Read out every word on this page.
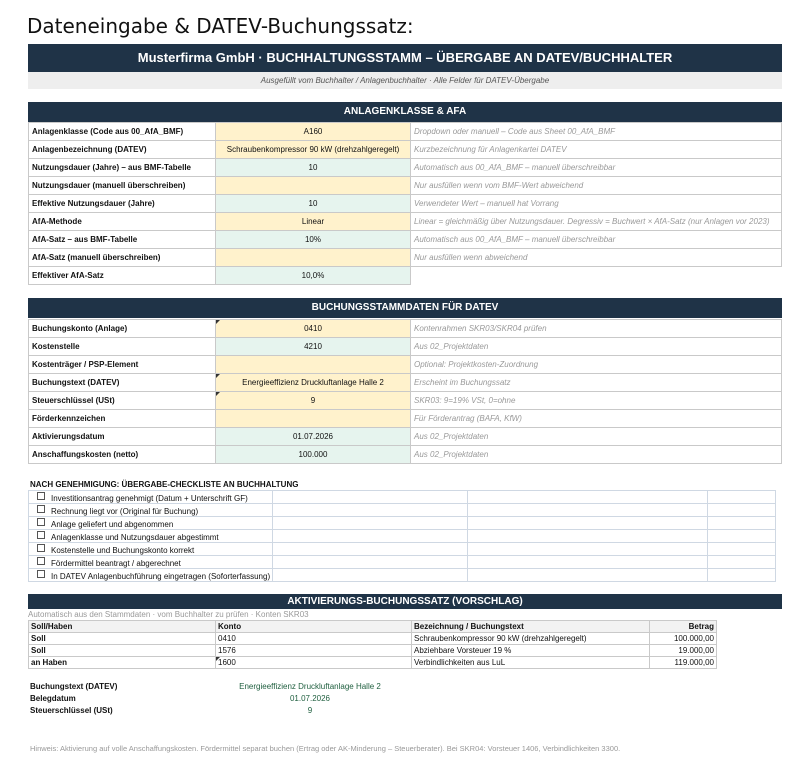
Dateneingabe & DATEV-Buchungssatz:
Musterfirma GmbH · BUCHHALTUNGSSTAMM – ÜBERGABE AN DATEV/BUCHHALTER
Ausgefüllt vom Buchhalter / Anlagenbuchhalter · Alle Felder für DATEV-Übergabe
ANLAGENKLASSE & AFA
Anlagenklasse (Code aus 00_AfA_BMF)	A160	Dropdown oder manuell – Code aus Sheet 00_AfA_BMF
Anlagenbezeichnung (DATEV)	Schraubenkompressor 90 kW (drehzahlgeregelt)	Kurzbezeichnung für Anlagenkartei DATEV
Nutzungsdauer (Jahre) – aus BMF-Tabelle	10	Automatisch aus 00_AfA_BMF – manuell überschreibbar
Nutzungsdauer (manuell überschreiben)		Nur ausfüllen wenn vom BMF-Wert abweichend
Effektive Nutzungsdauer (Jahre)	10	Verwendeter Wert – manuell hat Vorrang
AfA-Methode	Linear	Linear = gleichmäßig über Nutzungsdauer. Degressiv = Buchwert × AfA-Satz (nur Anlagen vor 2023)
AfA-Satz – aus BMF-Tabelle	10%	Automatisch aus 00_AfA_BMF – manuell überschreibbar
AfA-Satz (manuell überschreiben)		Nur ausfüllen wenn abweichend
Effektiver AfA-Satz	10,0%	
BUCHUNGSSTAMMDATEN FÜR DATEV
Buchungskonto (Anlage)	0410	Kontenrahmen SKR03/SKR04 prüfen
Kostenstelle	4210	Aus 02_Projektdaten
Kostenträger / PSP-Element		Optional: Projektkosten-Zuordnung
Buchungstext (DATEV)	Energieeffizienz Druckluftanlage Halle 2	Erscheint im Buchungssatz
Steuerschlüssel (USt)	9	SKR03: 9=19% VSt, 0=ohne
Förderkennzeichen		Für Förderantrag (BAFA, KfW)
Aktivierungsdatum	01.07.2026	Aus 02_Projektdaten
Anschaffungskosten (netto)	100.000	Aus 02_Projektdaten
NACH GENEHMIGUNG: ÜBERGABE-CHECKLISTE AN BUCHHALTUNG
Investitionsantrag genehmigt (Datum + Unterschrift GF)			
Rechnung liegt vor (Original für Buchung)			
Anlage geliefert und abgenommen			
Anlagenklasse und Nutzungsdauer abgestimmt			
Kostenstelle und Buchungskonto korrekt			
Fördermittel beantragt / abgerechnet			
In DATEV Anlagenbuchführung eingetragen (Soforterfassung)			
AKTIVIERUNGS-BUCHUNGSSATZ (VORSCHLAG)
Automatisch aus den Stammdaten · vom Buchhalter zu prüfen · Konten SKR03
Soll/Haben	Konto	Bezeichnung / Buchungstext	Betrag
Soll	0410	Schraubenkompressor 90 kW (drehzahlgeregelt)	100.000,00
Soll	1576	Abziehbare Vorsteuer 19 %	19.000,00
an Haben	1600	Verbindlichkeiten aus LuL	119.000,00
Buchungstext (DATEV)	Energieeffizienz Druckluftanlage Halle 2
Belegdatum	01.07.2026
Steuerschlüssel (USt)	9
Hinweis: Aktivierung auf volle Anschaffungskosten. Fördermittel separat buchen (Ertrag oder AK-Minderung – Steuerberater). Bei SKR04: Vorsteuer 1406, Verbindlichkeiten 3300.
